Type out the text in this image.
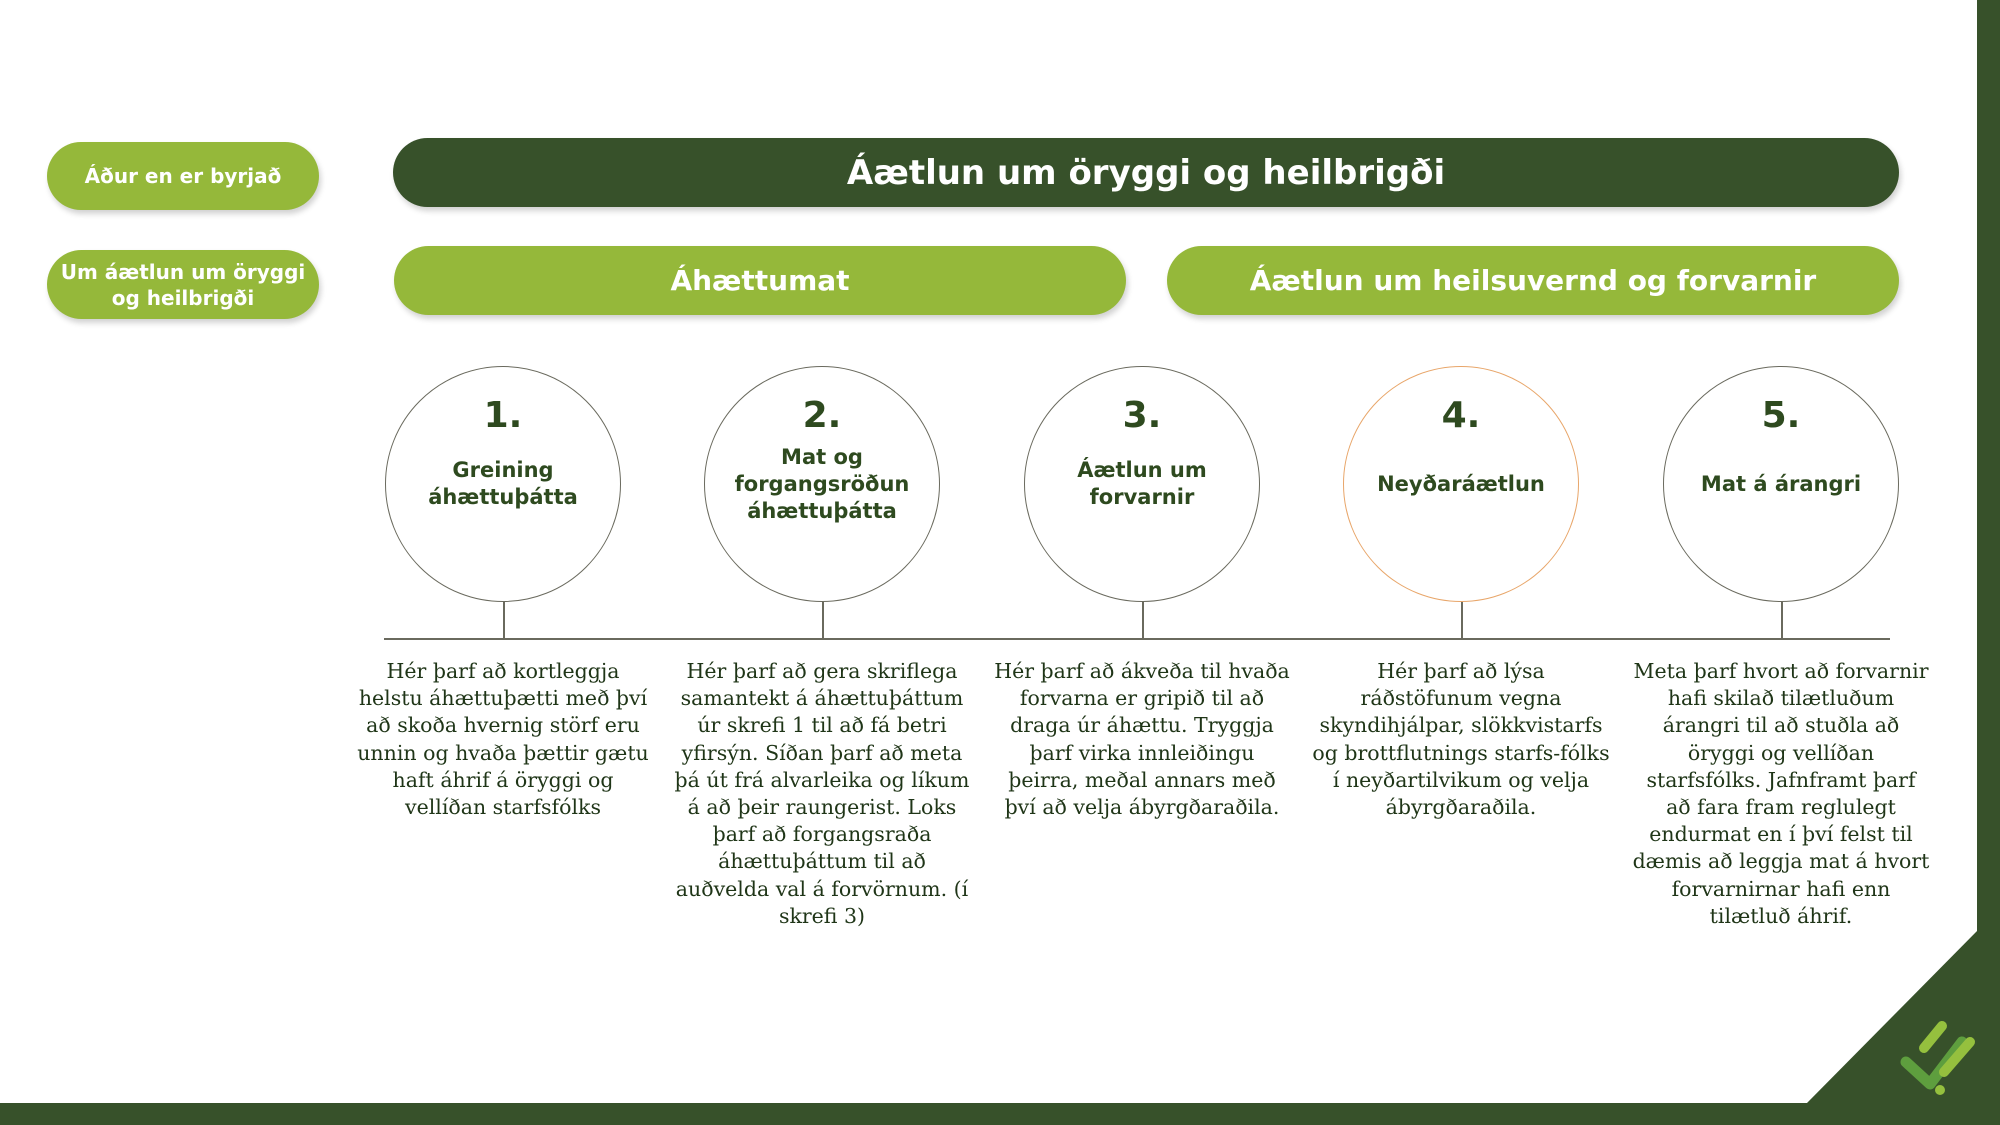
Áður en er byrjað
Um áætlun um öryggi og heilbrigði
Áætlun um öryggi og heilbrigði
Áhættumat	Áætlun um heilsuvernd og forvarnir
1.
Greining áhættuþátta
Hér þarf að kortleggja helstu áhættuþætti með því að skoða hvernig störf eru unnin og hvaða þættir gætu haft áhrif á öryggi og vellíðan starfsfólks
2.
Mat og forgangsröðun áhættuþátta
Hér þarf að gera skriflega samantekt á áhættuþáttum úr skrefi 1 til að fá betri yfirsýn. Síðan þarf að meta þá út frá alvarleika og líkum á að þeir raungerist. Loks þarf að forgangsraða áhættuþáttum til að auðvelda val á forvörnum. (í skrefi 3)
3.
Áætlun um forvarnir
Hér þarf að ákveða til hvaða forvarna er gripið til að draga úr áhættu. Tryggja þarf virka innleiðingu þeirra, meðal annars með því að velja ábyrgðaraðila.
4.
Neyðaráætlun
Hér þarf að lýsa ráðstöfunum vegna skyndihjálpar, slökkvistarfs og brottflutnings starfs-fólks í neyðartilvikum og velja ábyrgðaraðila.
5.
Mat á árangri
Meta þarf hvort að forvarnir hafi skilað tilætluðum árangri til að stuðla að öryggi og vellíðan starfsfólks. Jafnframt þarf að fara fram reglulegt endurmat en í því felst til dæmis að leggja mat á hvort forvarnirnar hafi enn tilætluð áhrif.
